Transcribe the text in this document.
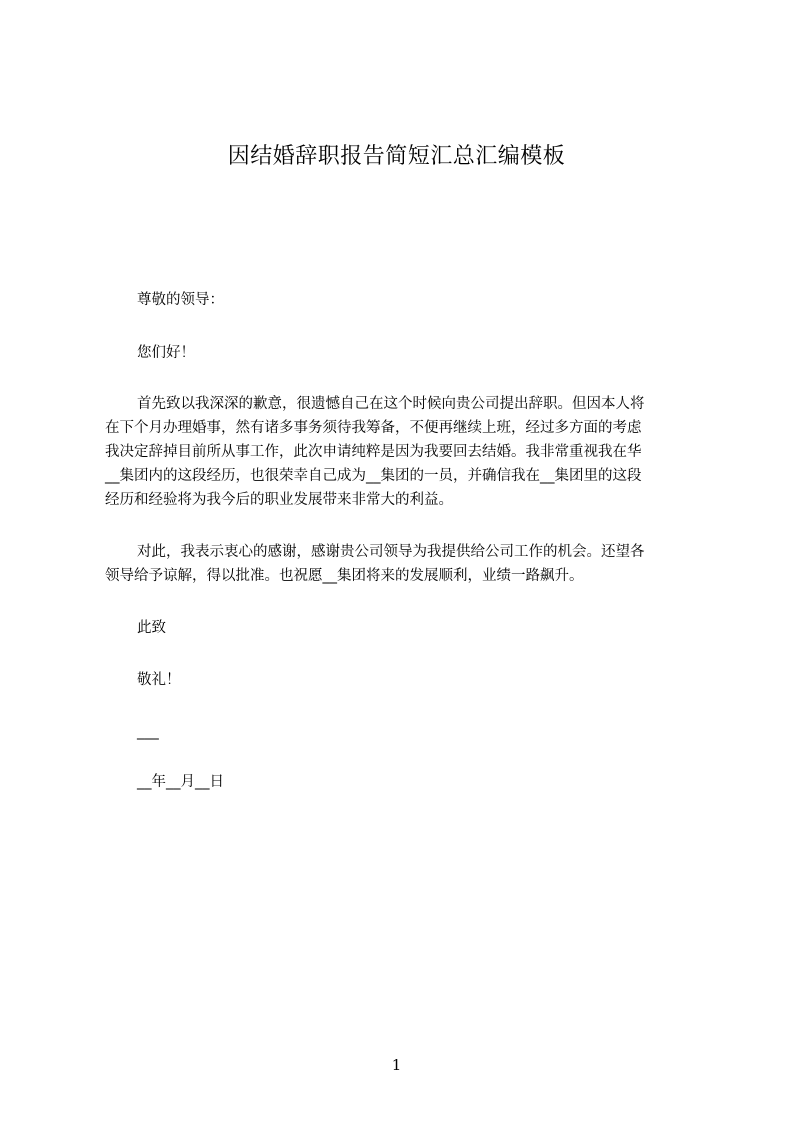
因结婚辞职报告简短汇总汇编模板
尊敬的领导：
您们好！
首先致以我深深的歉意，很遗憾自己在这个时候向贵公司提出辞职。但因本人将
在下个月办理婚事，然有诸多事务须待我筹备，不便再继续上班，经过多方面的考虑
我决定辞掉目前所从事工作，此次申请纯粹是因为我要回去结婚。我非常重视我在华
__集团内的这段经历，也很荣幸自己成为__集团的一员，并确信我在__集团里的这段
经历和经验将为我今后的职业发展带来非常大的利益。
对此，我表示衷心的感谢，感谢贵公司领导为我提供给公司工作的机会。还望各
领导给予谅解，得以批准。也祝愿__集团将来的发展顺利，业绩一路飙升。
此致
敬礼！
___
__年__月__日
1
